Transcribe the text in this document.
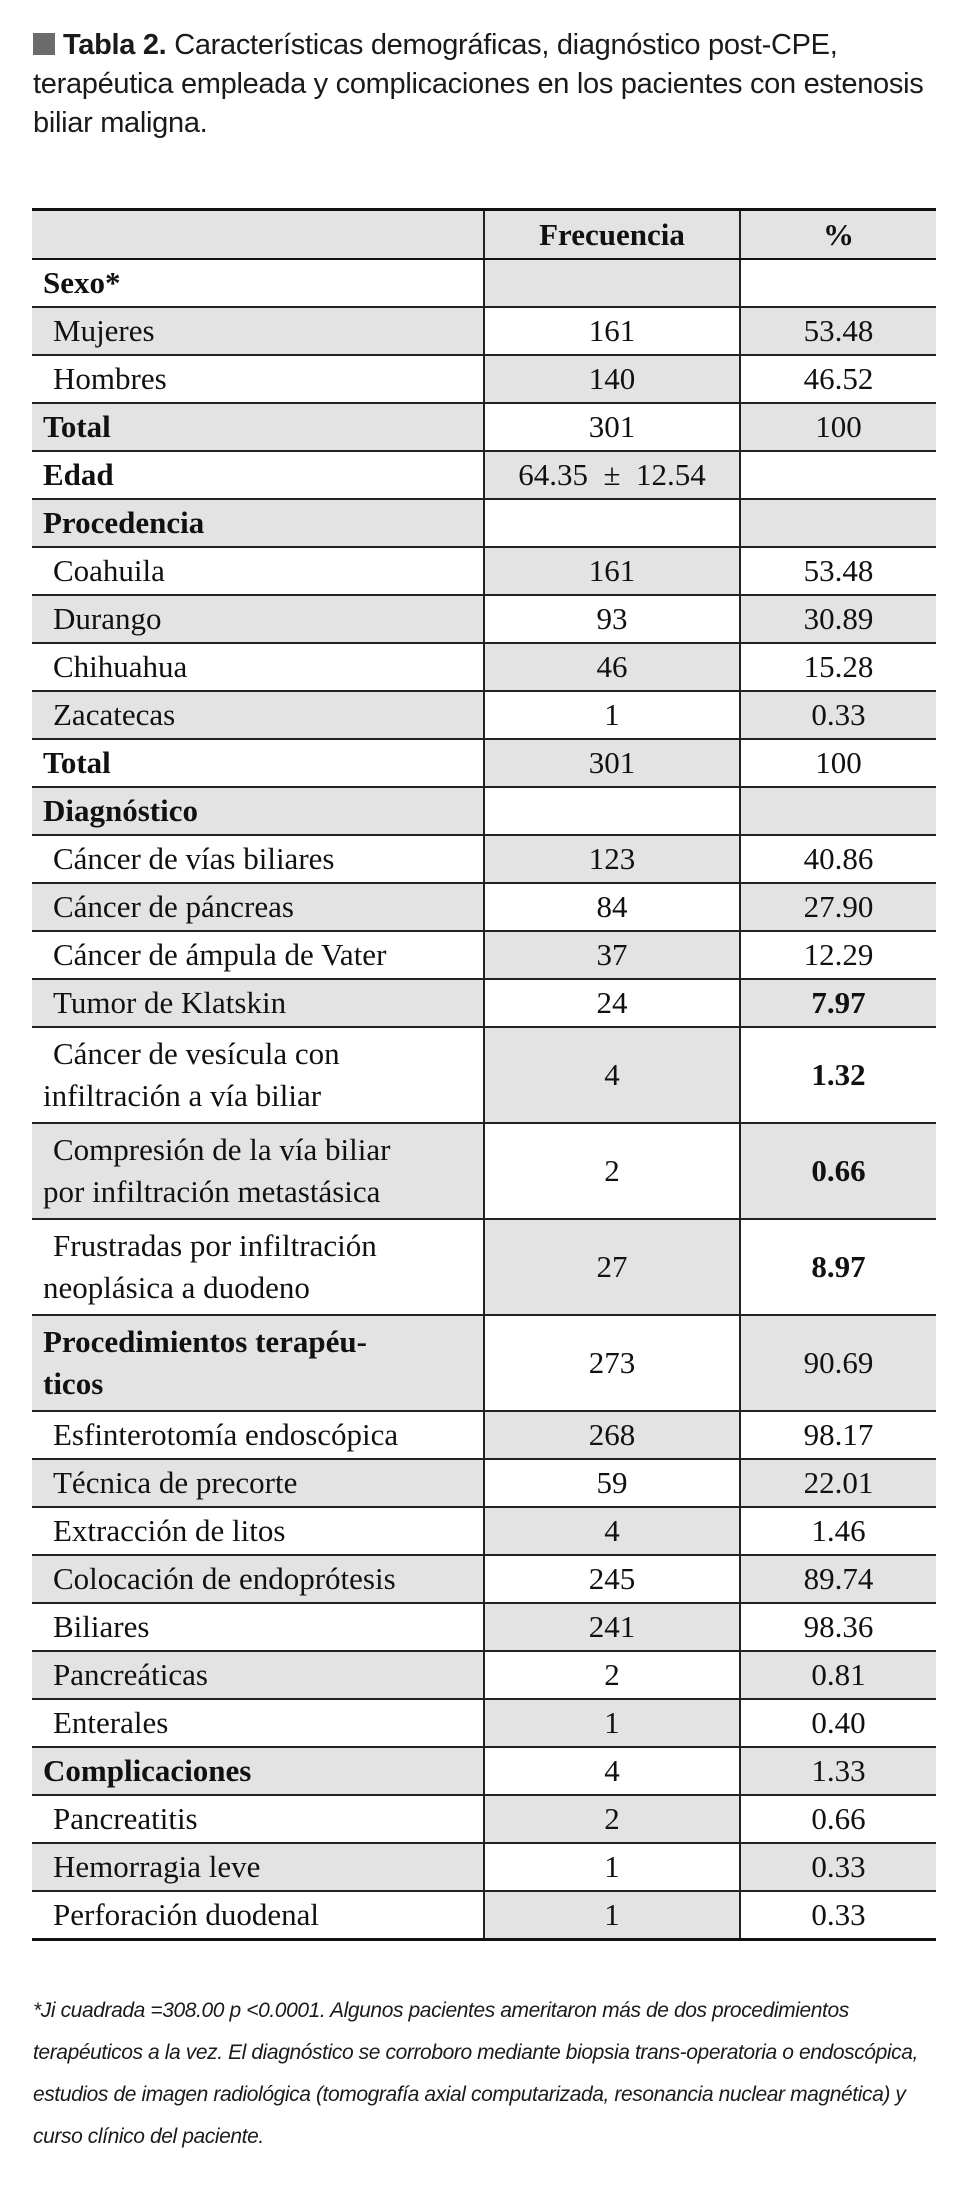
Tabla 2. Características demográficas, diagnóstico post-CPE, terapéutica empleada y complicaciones en los pacientes con estenosis biliar maligna.
	Frecuencia	%
Sexo*		
Mujeres	161	53.48
Hombres	140	46.52
Total	301	100
Edad	64.35  ±  12.54	
Procedencia		
Coahuila	161	53.48
Durango	93	30.89
Chihuahua	46	15.28
Zacatecas	1	0.33
Total	301	100
Diagnóstico		
Cáncer de vías biliares	123	40.86
Cáncer de páncreas	84	27.90
Cáncer de ámpula de Vater	37	12.29
Tumor de Klatskin	24	7.97

Cáncer de vesícula con
infiltración a vía biliar	4	1.32

Compresión de la vía biliar
por infiltración metastásica	2	0.66

Frustradas por infiltración
neoplásica a duodeno	27	8.97

Procedimientos terapéu-
ticos	273	90.69
Esfinterotomía endoscópica	268	98.17
Técnica de precorte	59	22.01
Extracción de litos	4	1.46
Colocación de endoprótesis	245	89.74
Biliares	241	98.36
Pancreáticas	2	0.81
Enterales	1	0.40
Complicaciones	4	1.33
Pancreatitis	2	0.66
Hemorragia leve	1	0.33
Perforación duodenal	1	0.33
*Ji cuadrada =308.00 p <0.0001. Algunos pacientes ameritaron más de dos procedimientos terapéuticos a la vez. El diagnóstico se corroboro mediante biopsia trans-operatoria o endoscópica, estudios de imagen radiológica (tomografía axial computarizada, resonancia nuclear magnética) y curso clínico del paciente.
